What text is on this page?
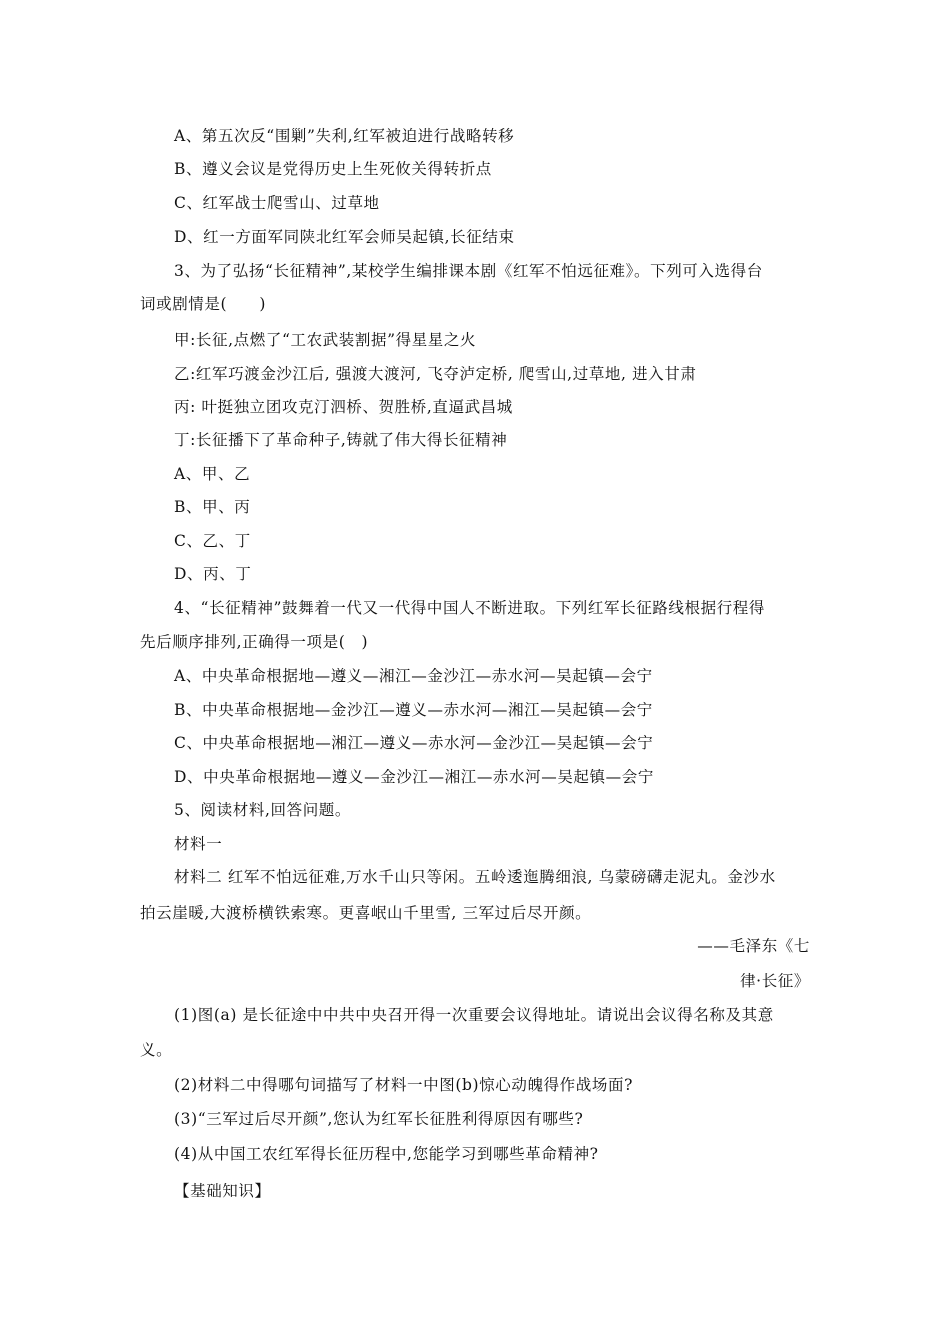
A、第五次反“围剿”失利,红军被迫进行战略转移
B、遵义会议是党得历史上生死攸关得转折点
C、红军战士爬雪山、过草地
D、红一方面军同陕北红军会师吴起镇,长征结束
3、为了弘扬“长征精神”,某校学生编排课本剧《红军不怕远征难》。下列可入选得台
词或剧情是(　　)
甲:长征,点燃了“工农武装割据”得星星之火
乙:红军巧渡金沙江后, 强渡大渡河, 飞夺泸定桥, 爬雪山,过草地, 进入甘肃
丙: 叶挺独立团攻克汀泗桥、贺胜桥,直逼武昌城
丁:长征播下了革命种子,铸就了伟大得长征精神
A、甲、乙
B、甲、丙
C、乙、丁
D、丙、丁
4、“长征精神”鼓舞着一代又一代得中国人不断进取。下列红军长征路线根据行程得
先后顺序排列,正确得一项是(　)
A、中央革命根据地—遵义—湘江—金沙江—赤水河—吴起镇—会宁
B、中央革命根据地—金沙江—遵义—赤水河—湘江—吴起镇—会宁
C、中央革命根据地—湘江—遵义—赤水河—金沙江—吴起镇—会宁
D、中央革命根据地—遵义—金沙江—湘江—赤水河—吴起镇—会宁
5、阅读材料,回答问题。
材料一
材料二 红军不怕远征难,万水千山只等闲。五岭逶迤腾细浪, 乌蒙磅礴走泥丸。金沙水
拍云崖暖,大渡桥横铁索寒。更喜岷山千里雪, 三军过后尽开颜。
——毛泽东《七
律·长征》
(1)图(a) 是长征途中中共中央召开得一次重要会议得地址。请说出会议得名称及其意
义。
(2)材料二中得哪句词描写了材料一中图(b)惊心动魄得作战场面?
(3)“三军过后尽开颜”,您认为红军长征胜利得原因有哪些?
(4)从中国工农红军得长征历程中,您能学习到哪些革命精神?
【基础知识】
